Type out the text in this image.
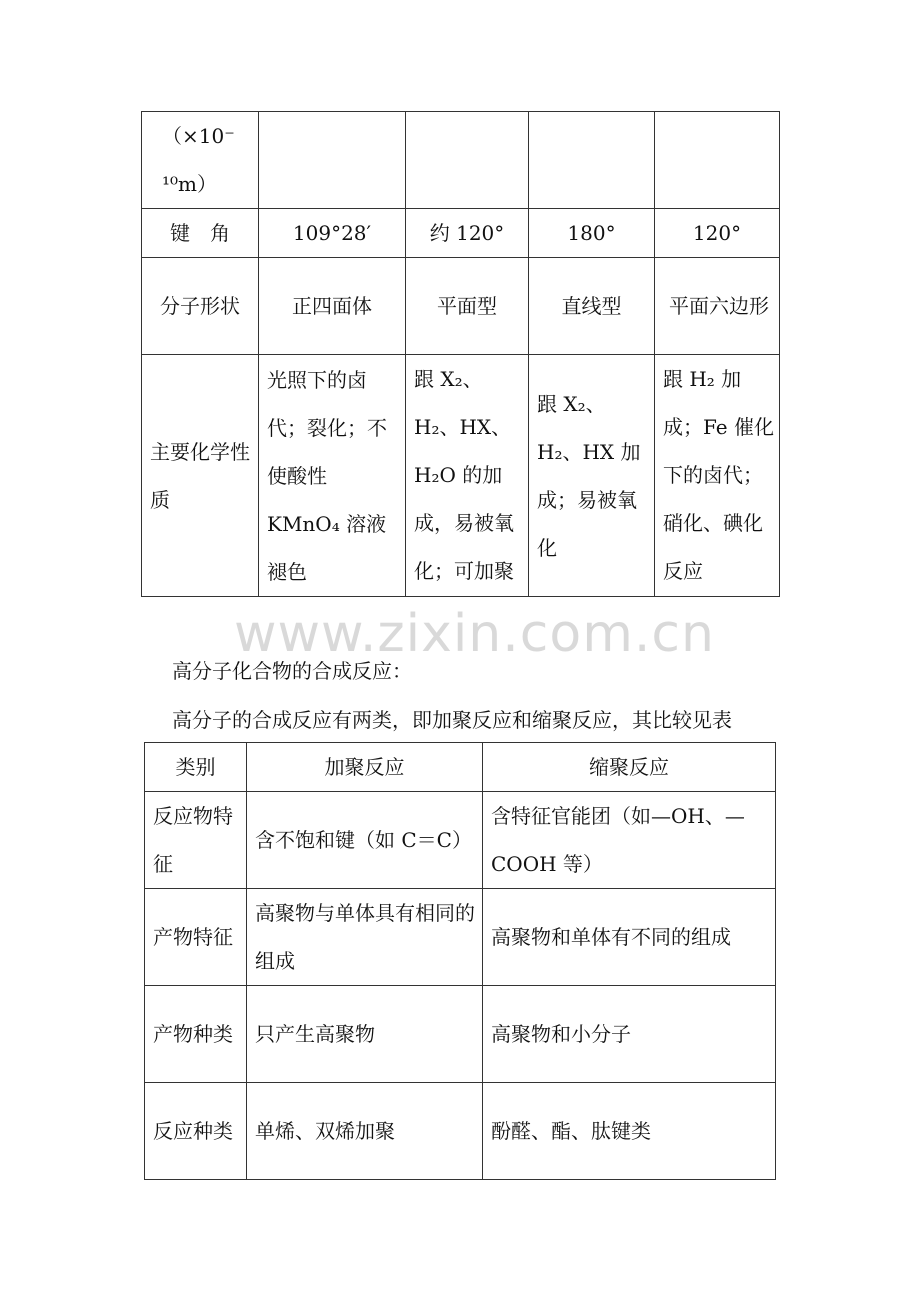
（×10⁻
¹⁰m）				

键　角	109°28′	约 120°	180°	120°
分子形状	正四面体	平面型	直线型	平面六边形
主要化学性质	光照下的卤代；裂化；不使酸性 KMnO₄ 溶液褪色	跟 X₂、H₂、HX、H₂O 的加成，易被氧化；可加聚	跟 X₂、H₂、HX 加成；易被氧化	跟 H₂ 加成；Fe 催化下的卤代；硝化、碘化反应
www.zixin.com.cn
高分子化合物的合成反应：
高分子的合成反应有两类，即加聚反应和缩聚反应，其比较见表
类别	加聚反应	缩聚反应
反应物特征	含不饱和键（如 C＝C）	含特征官能团（如—OH、—COOH 等）
产物特征	高聚物与单体具有相同的组成	高聚物和单体有不同的组成
产物种类	只产生高聚物	高聚物和小分子
反应种类	单烯、双烯加聚	酚醛、酯、肽键类
